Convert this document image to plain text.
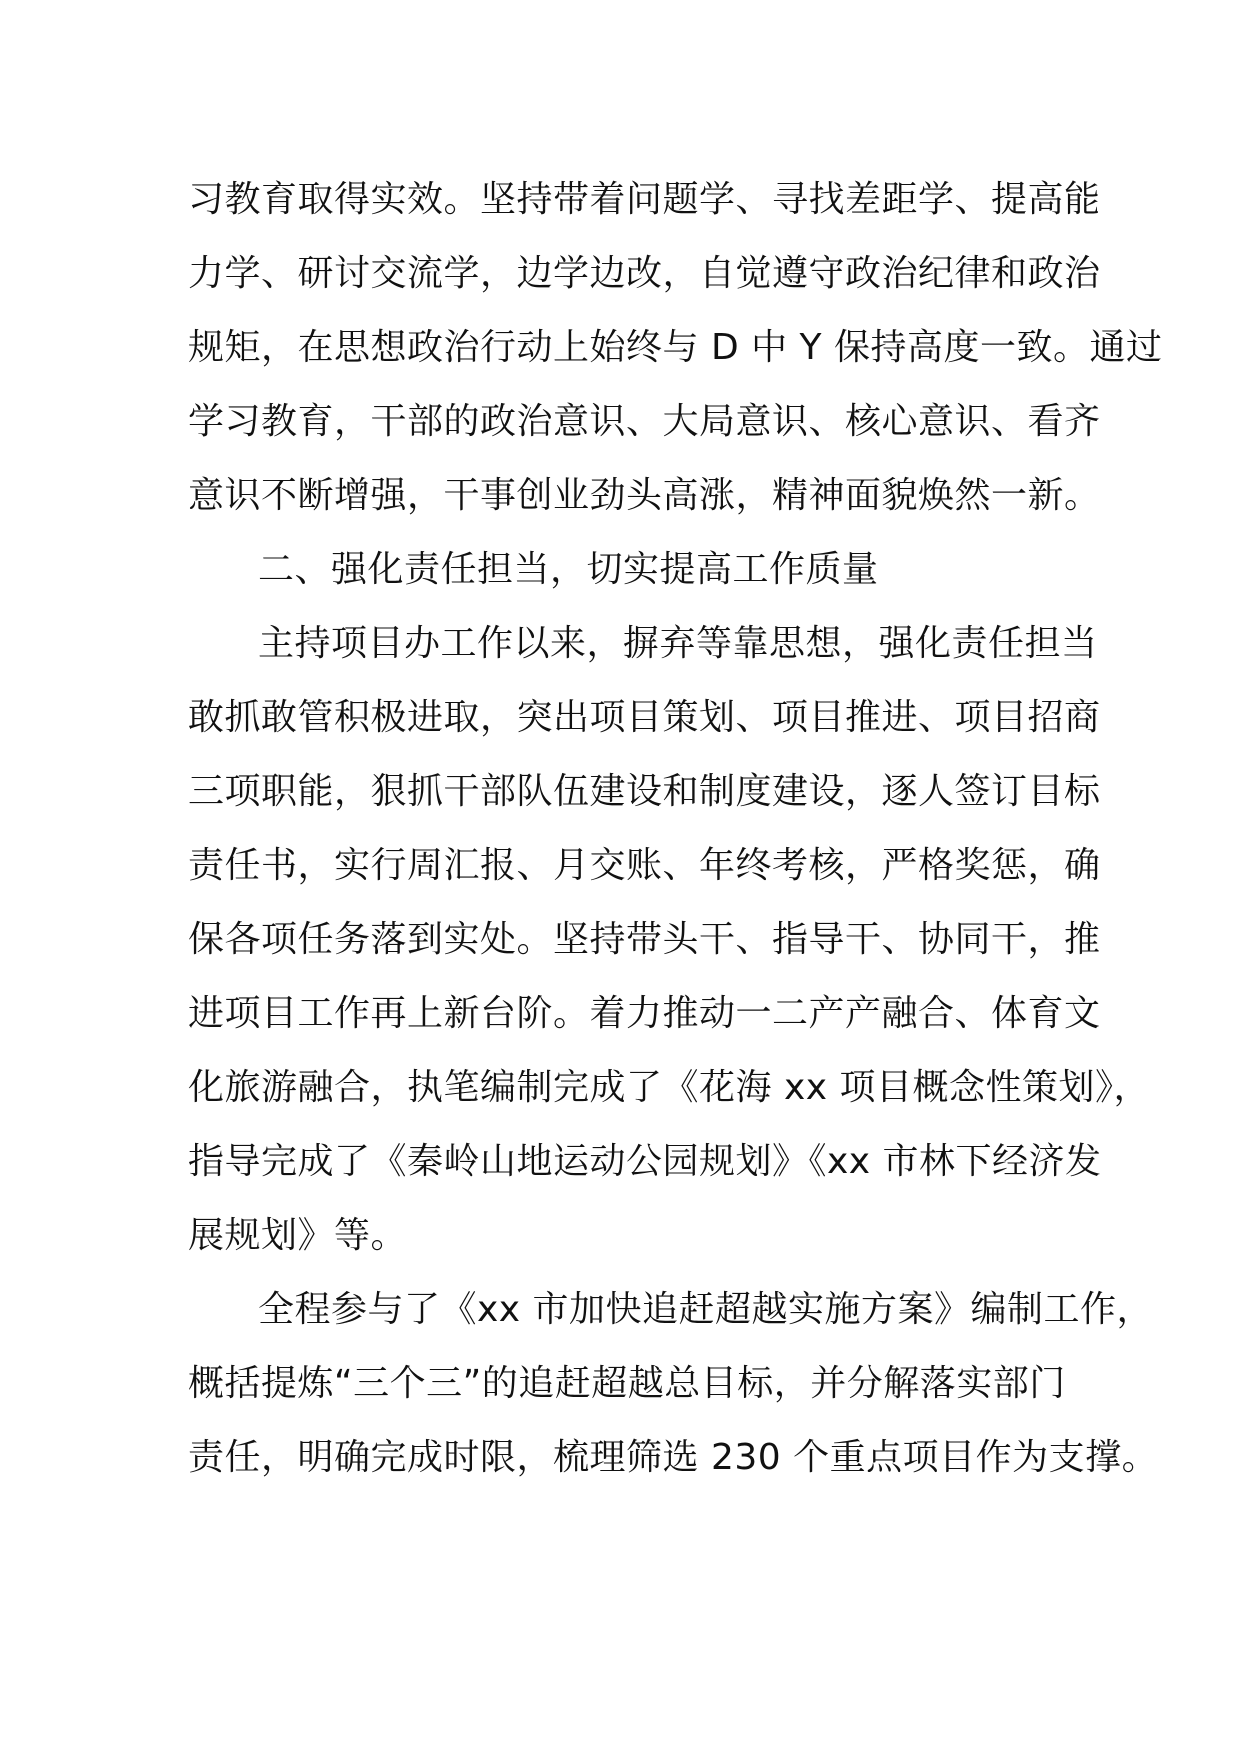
习教育取得实效。坚持带着问题学、寻找差距学、提高能
力学、研讨交流学，边学边改，自觉遵守政治纪律和政治
规矩，在思想政治行动上始终与 D 中 Y 保持高度一致。通过
学习教育，干部的政治意识、大局意识、核心意识、看齐
意识不断增强，干事创业劲头高涨，精神面貌焕然一新。
二、强化责任担当，切实提高工作质量
主持项目办工作以来，摒弃等靠思想，强化责任担当
敢抓敢管积极进取，突出项目策划、项目推进、项目招商
三项职能，狠抓干部队伍建设和制度建设，逐人签订目标
责任书，实行周汇报、月交账、年终考核，严格奖惩，确
保各项任务落到实处。坚持带头干、指导干、协同干，推
进项目工作再上新台阶。着力推动一二产产融合、体育文
化旅游融合，执笔编制完成了《花海 xx 项目概念性策划》，
指导完成了《秦岭山地运动公园规划》《xx 市林下经济发
展规划》等。
全程参与了《xx 市加快追赶超越实施方案》编制工作，
概括提炼“三个三”的追赶超越总目标，并分解落实部门
责任，明确完成时限，梳理筛选 230 个重点项目作为支撑。
